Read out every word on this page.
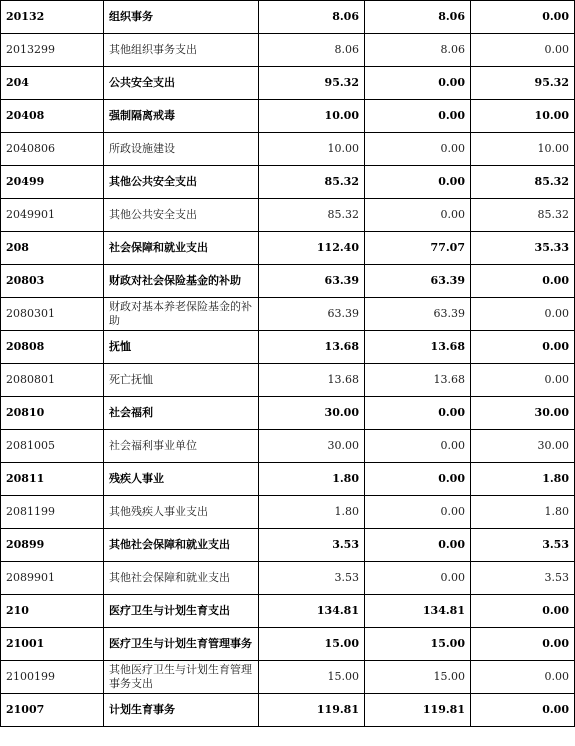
20132	组织事务	8.06	8.06	0.00
2013299	其他组织事务支出	8.06	8.06	0.00
204	公共安全支出	95.32	0.00	95.32
20408	强制隔离戒毒	10.00	0.00	10.00
2040806	所政设施建设	10.00	0.00	10.00
20499	其他公共安全支出	85.32	0.00	85.32
2049901	其他公共安全支出	85.32	0.00	85.32
208	社会保障和就业支出	112.40	77.07	35.33
20803	财政对社会保险基金的补助	63.39	63.39	0.00
2080301	财政对基本养老保险基金的补助	63.39	63.39	0.00
20808	抚恤	13.68	13.68	0.00
2080801	死亡抚恤	13.68	13.68	0.00
20810	社会福利	30.00	0.00	30.00
2081005	社会福利事业单位	30.00	0.00	30.00
20811	残疾人事业	1.80	0.00	1.80
2081199	其他残疾人事业支出	1.80	0.00	1.80
20899	其他社会保障和就业支出	3.53	0.00	3.53
2089901	其他社会保障和就业支出	3.53	0.00	3.53
210	医疗卫生与计划生育支出	134.81	134.81	0.00
21001	医疗卫生与计划生育管理事务	15.00	15.00	0.00
2100199	其他医疗卫生与计划生育管理事务支出	15.00	15.00	0.00
21007	计划生育事务	119.81	119.81	0.00
